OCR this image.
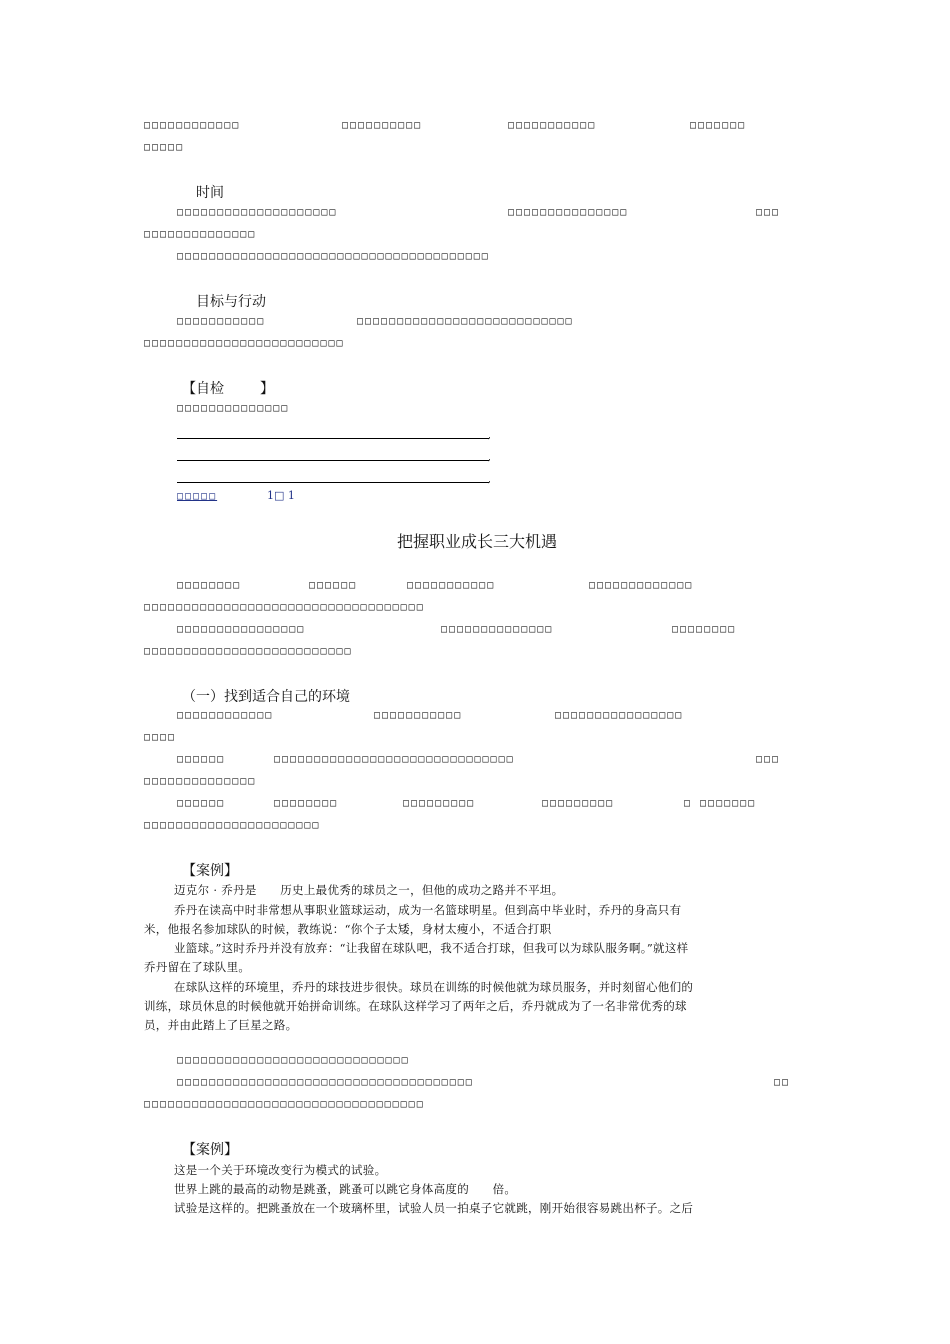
□□□□□□□□□□□□	□□□□□□□□□□	□□□□□□□□□□□	□□□□□□□
□□□□□
时间
□□□□□□□□□□□□□□□□□□□□	□□□□□□□□□□□□□□□	□□□
□□□□□□□□□□□□□□
□□□□□□□□□□□□□□□□□□□□□□□□□□□□□□□□□□□□□□□
目标与行动
□□□□□□□□□□□	□□□□□□□□□□□□□□□□□□□□□□□□□□□
□□□□□□□□□□□□□□□□□□□□□□□□□
【自检	】
□□□□□□□□□□□□□□
,
,
,
□□□□□	1□ 1
把握职业成长三大机遇
□□□□□□□□	□□□□□□	□□□□□□□□□□□	□□□□□□□□□□□□□
□□□□□□□□□□□□□□□□□□□□□□□□□□□□□□□□□□□
□□□□□□□□□□□□□□□□	□□□□□□□□□□□□□□	□□□□□□□□
□□□□□□□□□□□□□□□□□□□□□□□□□□
（一）找到适合自己的环境
□□□□□□□□□□□□	□□□□□□□□□□□	□□□□□□□□□□□□□□□□
□□□□
□□□□□□	□□□□□□□□□□□□□□□□□□□□□□□□□□□□□□	□□□
□□□□□□□□□□□□□□
□□□□□□	□□□□□□□□	□□□□□□□□□	□□□□□□□□□	□ □□□□□□□
□□□□□□□□□□□□□□□□□□□□□□
【案例】
迈克尔 · 乔丹是　　历史上最优秀的球员之一，但他的成功之路并不平坦。
乔丹在读高中时非常想从事职业篮球运动，成为一名篮球明星。但到高中毕业时，乔丹的身高只有
米，他报名参加球队的时候，教练说：“你个子太矮，身材太瘦小，不适合打职
业篮球。”这时乔丹并没有放弃：“让我留在球队吧，我不适合打球，但我可以为球队服务啊。”就这样
乔丹留在了球队里。
在球队这样的环境里，乔丹的球技进步很快。球员在训练的时候他就为球员服务，并时刻留心他们的
训练，球员休息的时候他就开始拼命训练。在球队这样学习了两年之后，乔丹就成为了一名非常优秀的球
员，并由此踏上了巨星之路。
□□□□□□□□□□□□□□□□□□□□□□□□□□□□□
□□□□□□□□□□□□□□□□□□□□□□□□□□□□□□□□□□□□□	□□
□□□□□□□□□□□□□□□□□□□□□□□□□□□□□□□□□□□
【案例】
这是一个关于环境改变行为模式的试验。
世界上跳的最高的动物是跳蚤，跳蚤可以跳它身体高度的　　倍。
试验是这样的。把跳蚤放在一个玻璃杯里，试验人员一拍桌子它就跳，刚开始很容易跳出杯子。之后
